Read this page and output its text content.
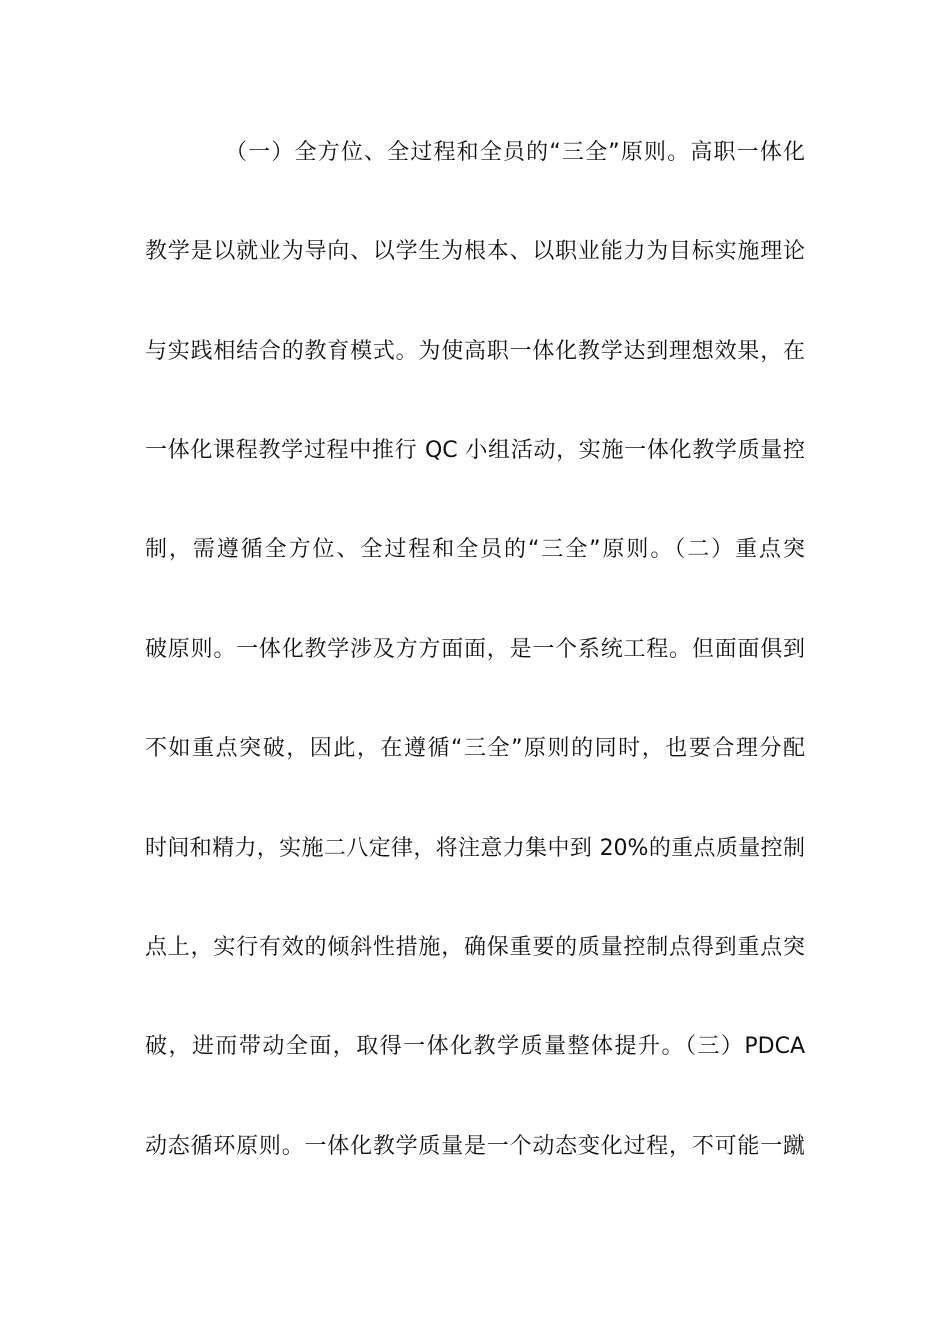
（一）全方位、全过程和全员的“三全”原则。高职一体化
教学是以就业为导向、以学生为根本、以职业能力为目标实施理论
与实践相结合的教育模式。为使高职一体化教学达到理想效果，在
一体化课程教学过程中推行 QC 小组活动，实施一体化教学质量控
制，需遵循全方位、全过程和全员的“三全”原则。（二）重点突
破原则。一体化教学涉及方方面面，是一个系统工程。但面面俱到
不如重点突破，因此，在遵循“三全”原则的同时，也要合理分配
时间和精力，实施二八定律，将注意力集中到 20%的重点质量控制
点上，实行有效的倾斜性措施，确保重要的质量控制点得到重点突
破，进而带动全面，取得一体化教学质量整体提升。（三）PDCA
动态循环原则。一体化教学质量是一个动态变化过程，不可能一蹴
